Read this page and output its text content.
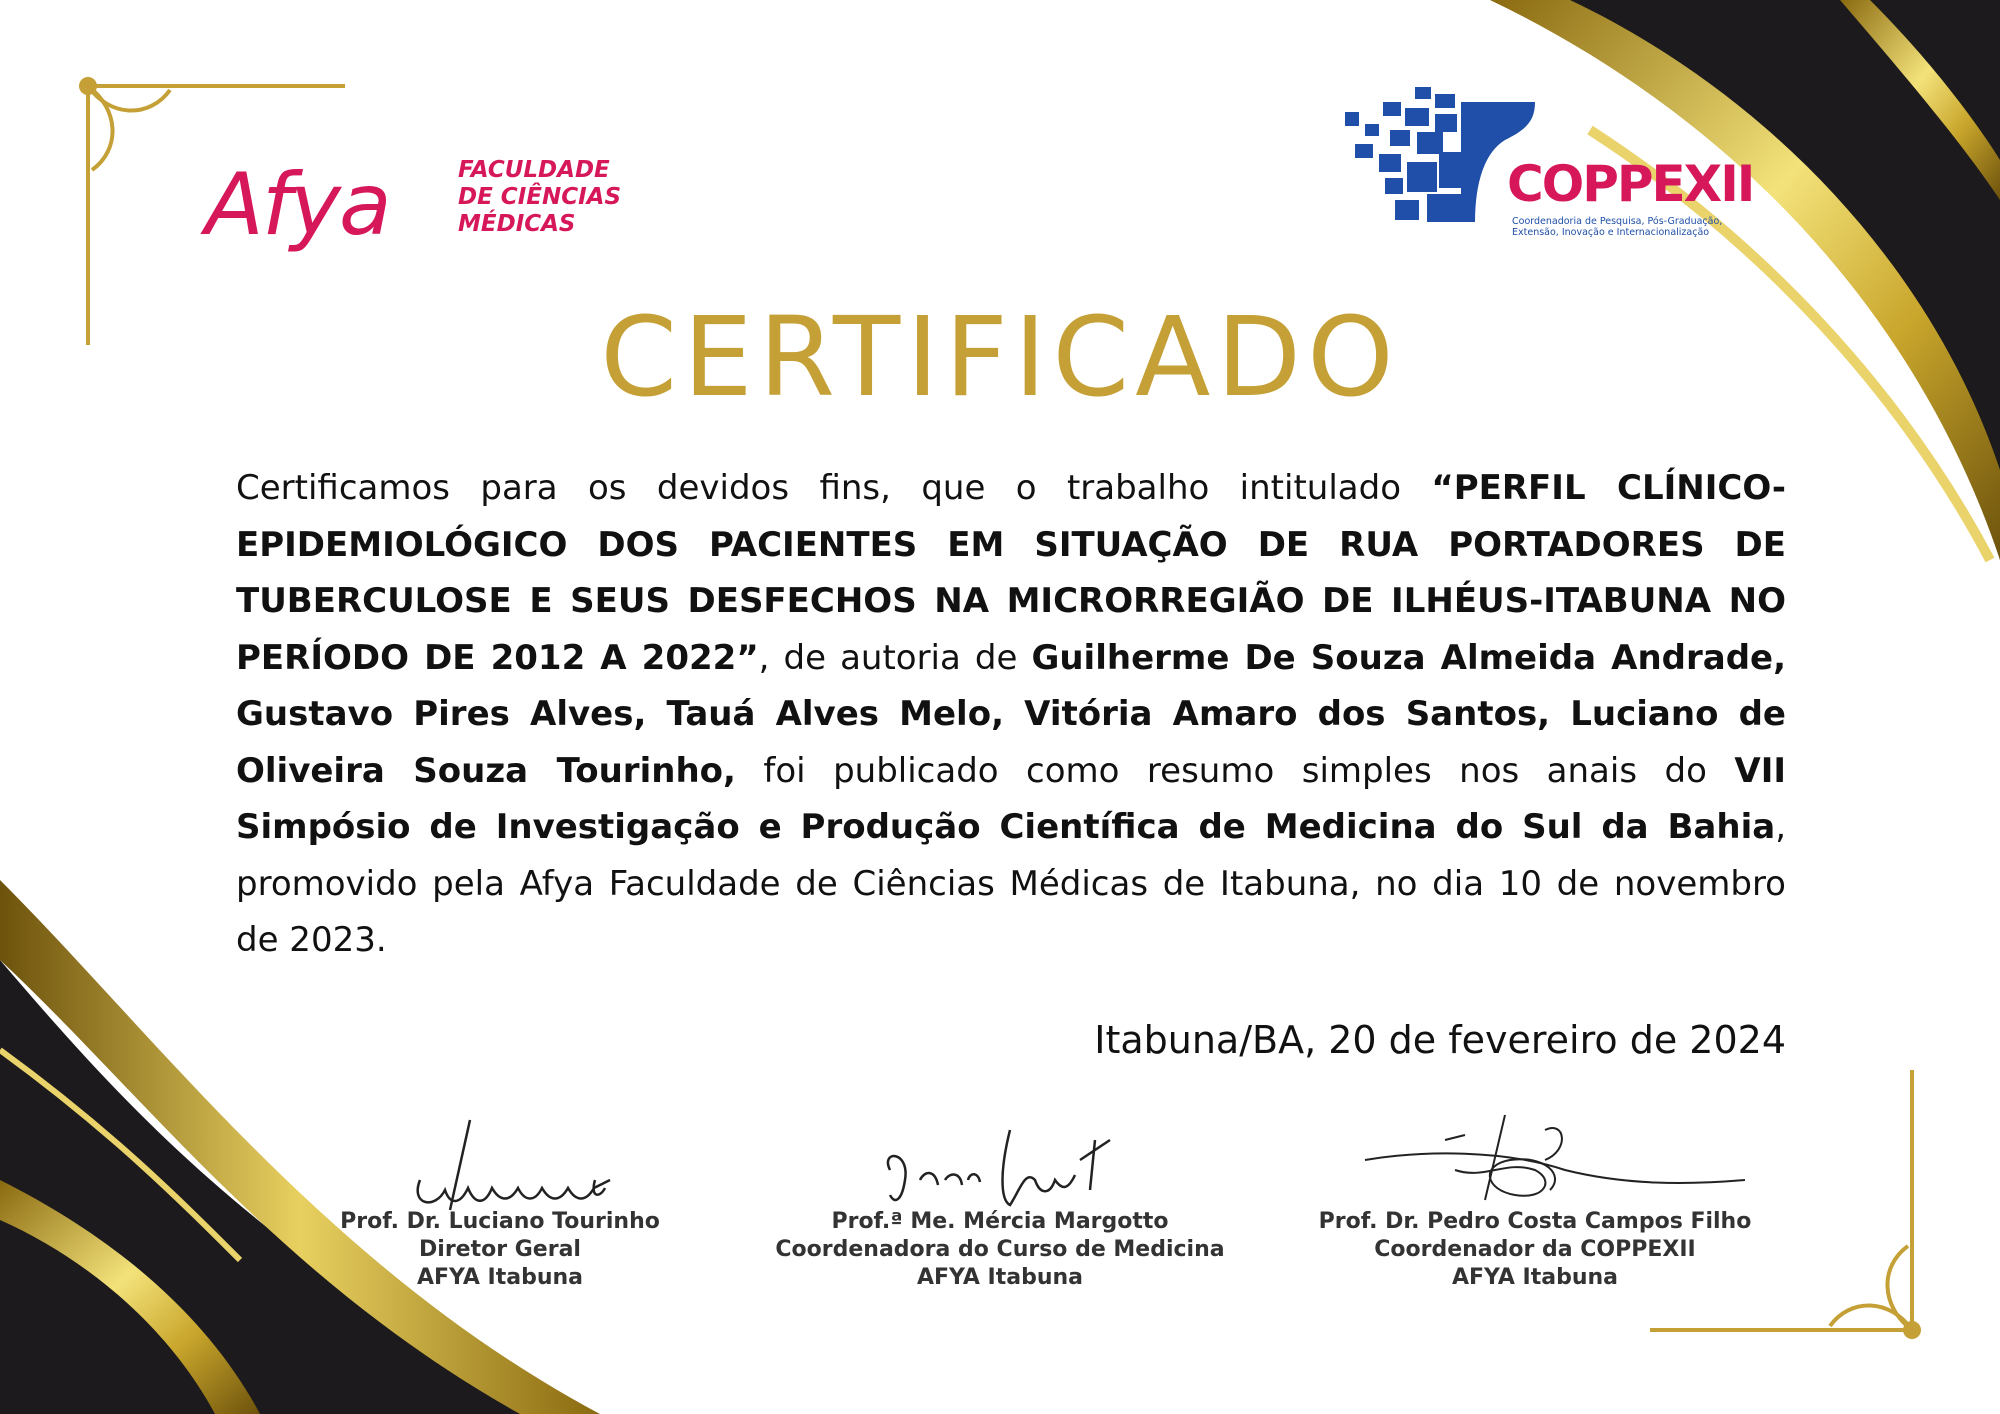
Afya	FACULDADE
DE CIÊNCIAS
MÉDICAS
COPPEXII
Coordenadoria de Pesquisa, Pós-Graduação,
Extensão, Inovação e Internacionalização
CERTIFICADO
Certificamos para os devidos fins, que o trabalho intitulado “PERFIL CLÍNICO-EPIDEMIOLÓGICO DOS PACIENTES EM SITUAÇÃO DE RUA PORTADORES DE TUBERCULOSE E SEUS DESFECHOS NA MICRORREGIÃO DE ILHÉUS-ITABUNA NO PERÍODO DE 2012 A 2022”, de autoria de Guilherme De Souza Almeida Andrade, Gustavo Pires Alves, Tauá Alves Melo, Vitória Amaro dos Santos, Luciano de Oliveira Souza Tourinho, foi publicado como resumo simples nos anais do VII Simpósio de Investigação e Produção Científica de Medicina do Sul da Bahia, promovido pela Afya Faculdade de Ciências Médicas de Itabuna, no dia 10 de novembro de 2023.
Itabuna/BA, 20 de fevereiro de 2024
Prof. Dr. Luciano Tourinho
Diretor Geral
AFYA Itabuna
Prof.ª Me. Mércia Margotto
Coordenadora do Curso de Medicina
AFYA Itabuna
Prof. Dr. Pedro Costa Campos Filho
Coordenador da COPPEXII
AFYA Itabuna
